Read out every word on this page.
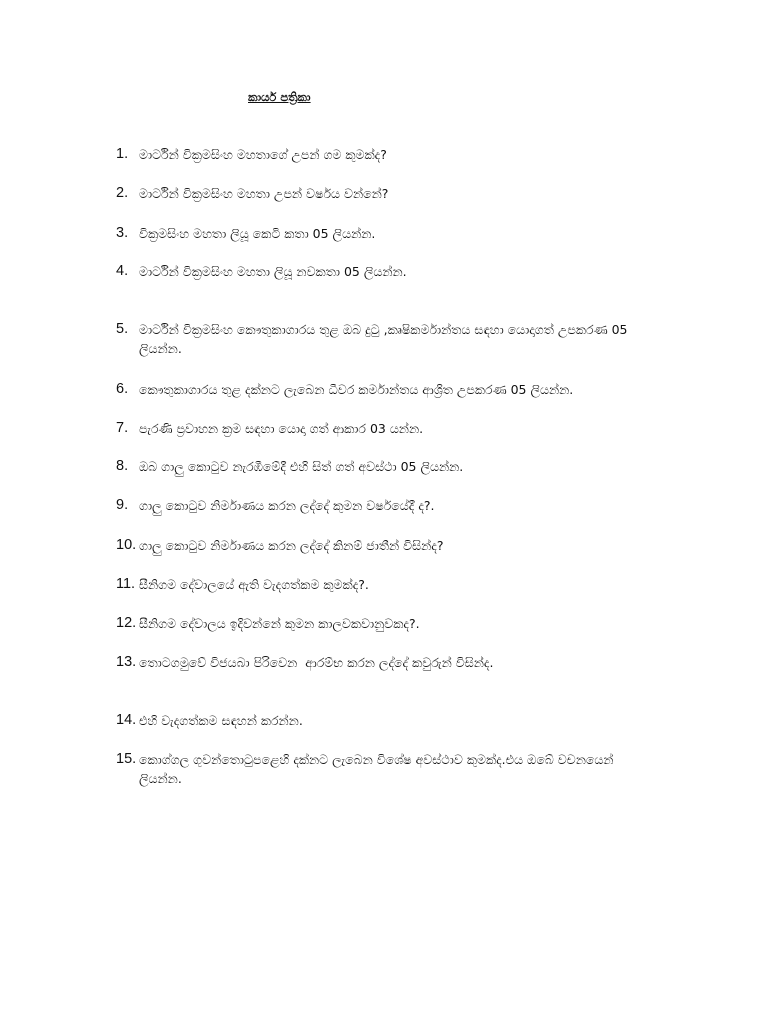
කාර්ය පත්‍රිකා
1. මාර්ටින් වික්‍රමසිංහ මහතාගේ උපන් ගම කුමක්ද?
2. මාර්ටින් වික්‍රමසිංහ මහතා උපන් වර්ෂය වන්නේ?
3. වික්‍රමසිංහ මහතා ලියූ කෙටි කතා 05 ලියන්න.
4. මාර්ටින් වික්‍රමසිංහ මහතා ලියූ නවකතා 05 ලියන්න.
5. මාර්ටින් වික්‍රමසිංහ කෞතුකාගාරය තුළ ඔබ දුටු ,කෘෂිකර්මාන්තය සඳහා යොදාගත් උපකරණ 05 ලියන්න.
6. කෞතුකාගාරය තුළ දක්නට ලැබෙන ධීවර කර්මාන්තය ආශ්‍රිත උපකරණ 05 ලියන්න.
7. පැරණි ප්‍රවාහන ක්‍රම සඳහා යොදා ගත් ආකාර 03 යන්න.
8. ඔබ ගාලු කොටුව නැරඹීමේදී එහි සිත් ගත් අවස්ථා 05 ලියන්න.
9. ගාලු කොටුව නිර්මාණය කරන ලද්දේ කුමන වර්ෂයේදී ද?.
10. ගාලු කොටුව නිර්මාණය කරන ලද්දේ කිනම් ජාතීන් විසින්ද?
11. සීනිගම දේවාලයේ ඇති වැදගත්කම කුමක්ද?.
12. සීනිගම දේවාලය ඉදිවන්නේ කුමන කාලවකවානුවකද?.
13. තොටගමුවේ විජයබා පිරිවෙන  ආරම්භ කරන ලද්දේ කවුරුන් විසින්ද.
14. එහි වැදගත්කම සඳහන් කරන්න.
15. කොග්ගල ගුවන්තොටුපළෙහි දක්නට ලැබෙන විශේෂ අවස්ථාව කුමක්ද.එය ඔබේ වචනයෙන් ලියන්න.
